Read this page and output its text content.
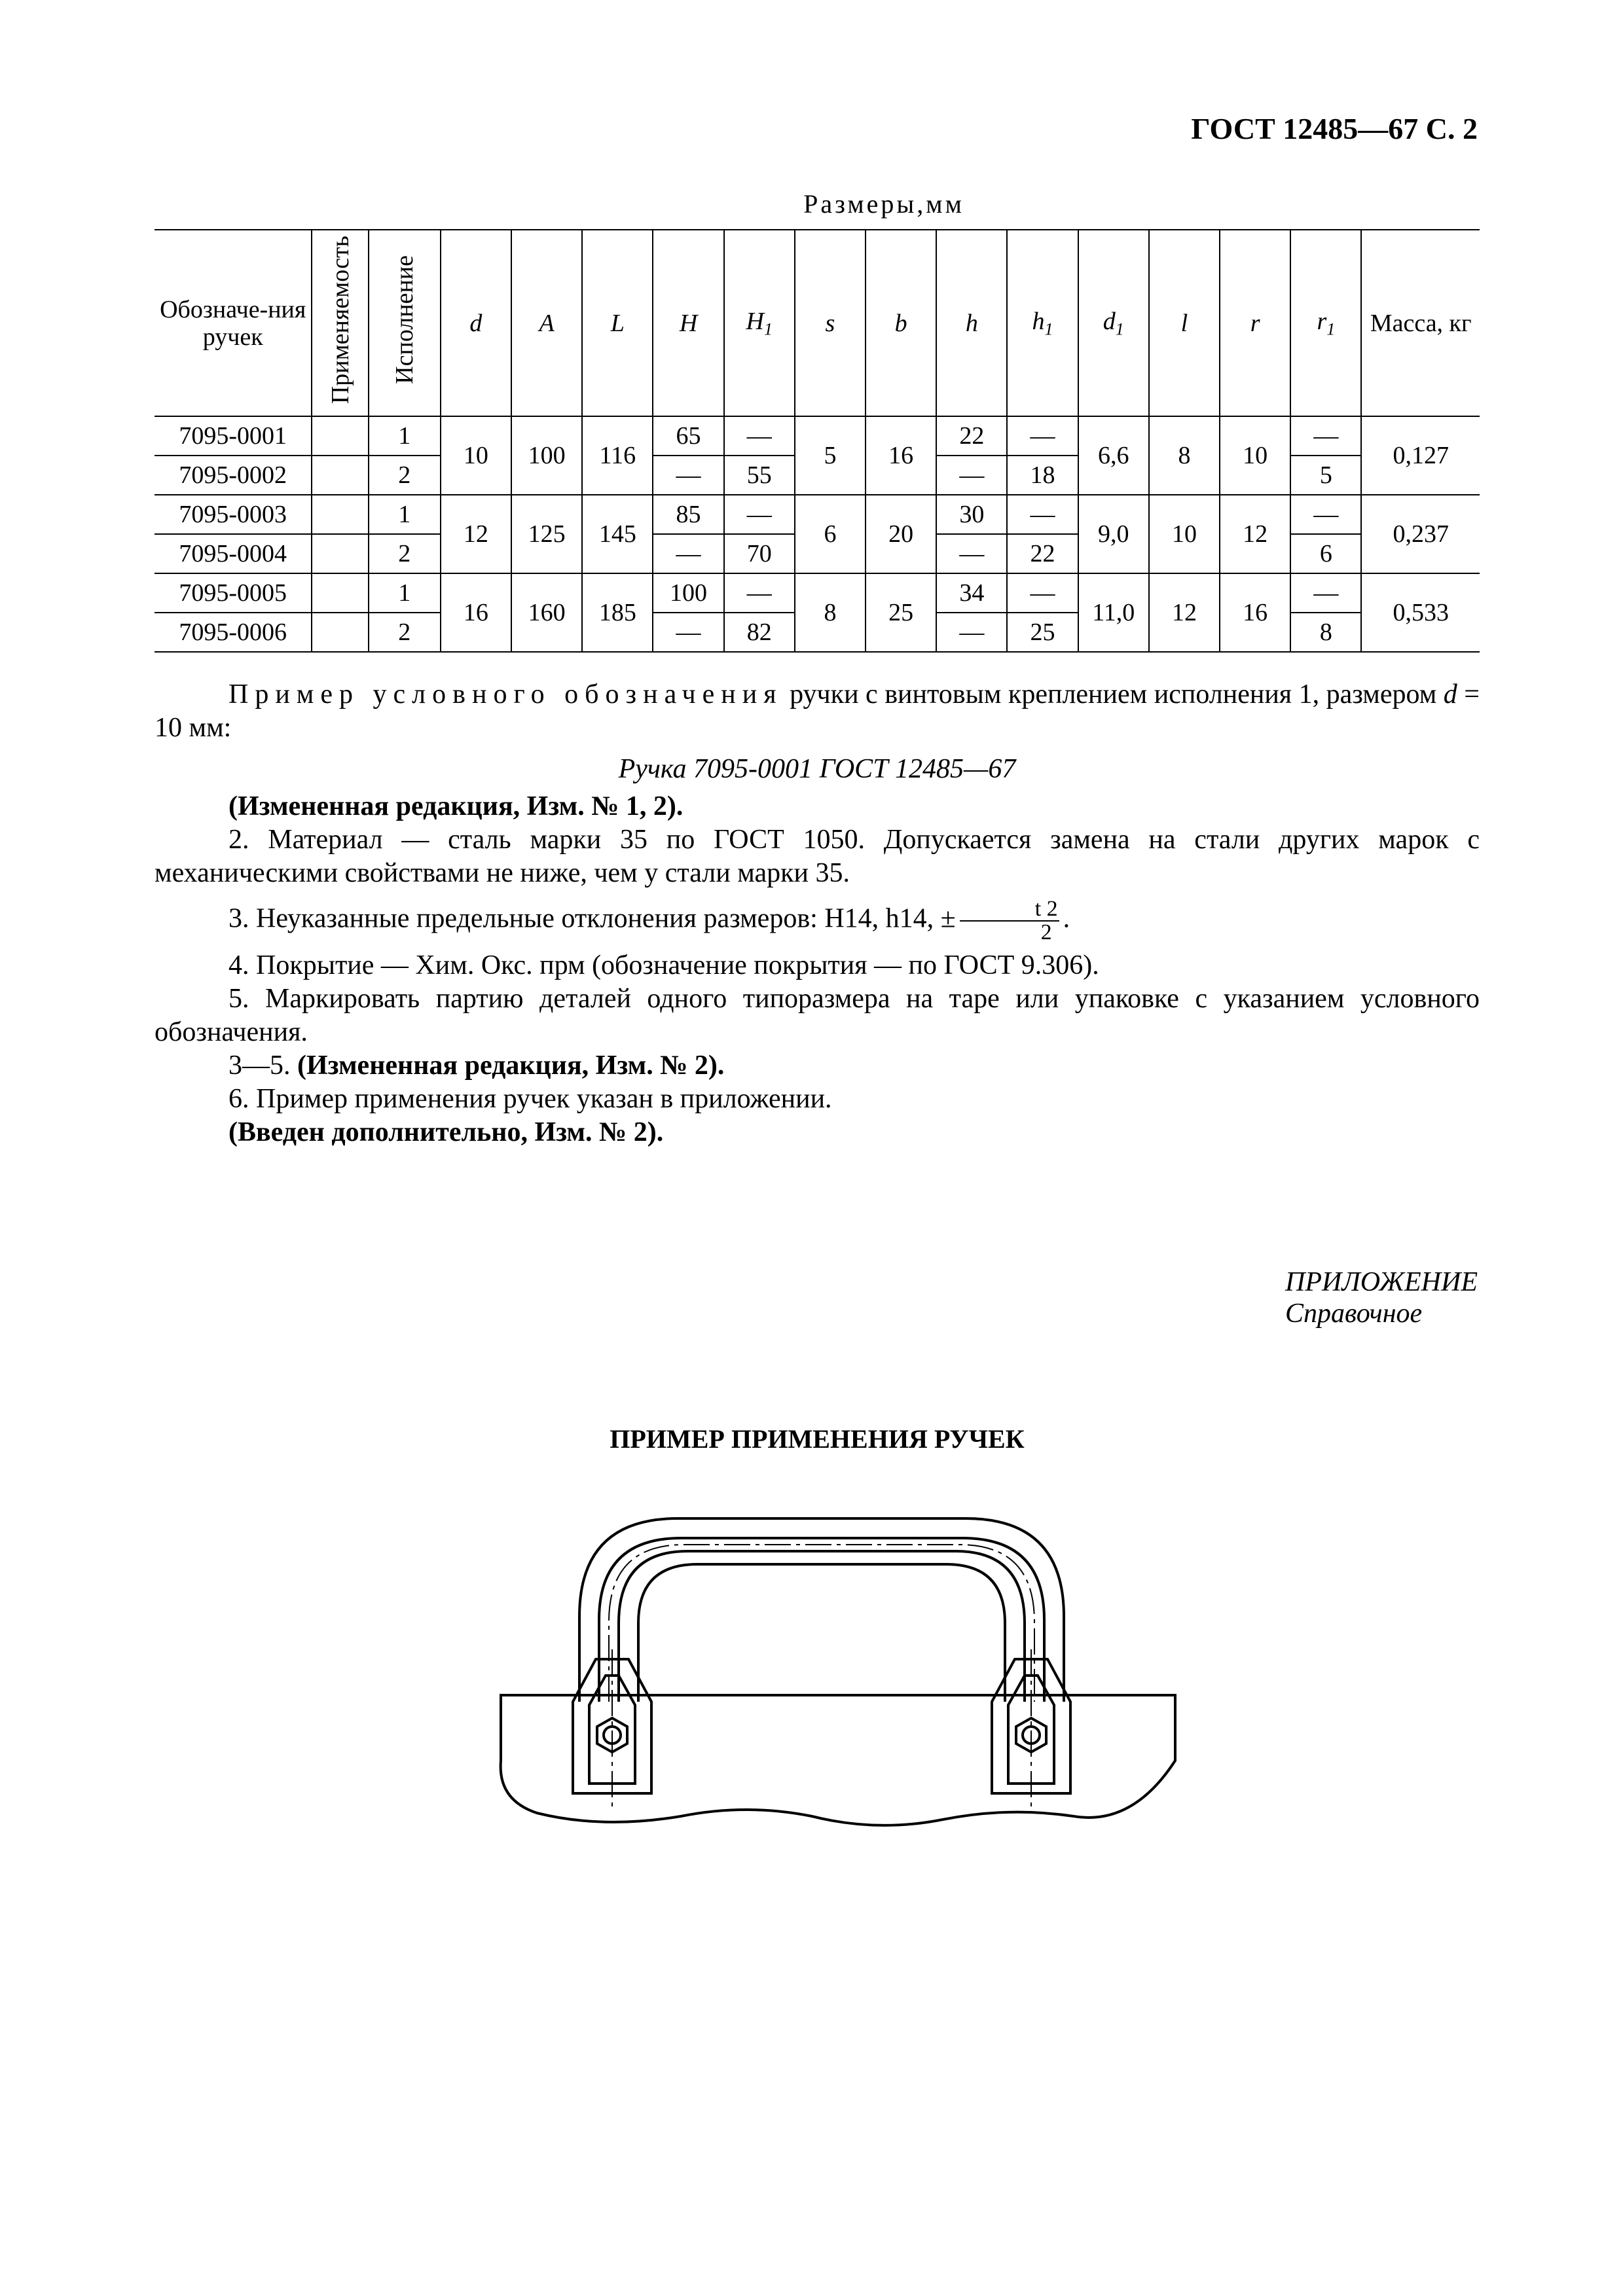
ГОСТ 12485—67 С. 2
Размеры,мм
Обозначе-ния ручек	Применяемость	Исполнение	d	A	L	H	$H_1$	s	b	h	$h_1$	$d_1$	l	r	$r_1$	Масса, кг
7095-0001		1	10	100	116	65	—	5	16	22	—	6,6	8	10	—	0,127
7095-0002		2				—	55			—	18				5	
7095-0003		1	12	125	145	85	—	6	20	30	—	9,0	10	12	—	0,237
7095-0004		2				—	70			—	22				6	
7095-0005		1	16	160	185	100	—	8	25	34	—	11,0	12	16	—	0,533
7095-0006		2				—	82			—	25				8	
Пример условного обозначения ручки с винтовым креплением исполнения 1, размером d = 10 мм:
Ручка 7095-0001 ГОСТ 12485—67
(Измененная редакция, Изм. № 1, 2).
2. Материал — сталь марки 35 по ГОСТ 1050. Допускается замена на стали других марок с механическими свойствами не ниже, чем у стали марки 35.
3. Неуказанные предельные отклонения размеров: H14, h14, ± $\frac{t 2}{2}$ .
4. Покрытие — Хим. Окс. прм (обозначение покрытия — по ГОСТ 9.306).
5. Маркировать партию деталей одного типоразмера на таре или упаковке с указанием условного обозначения.
3—5. (Измененная редакция, Изм. № 2).
6. Пример применения ручек указан в приложении.
(Введен дополнительно, Изм. № 2).
ПРИЛОЖЕНИЕ
Справочное
ПРИМЕР ПРИМЕНЕНИЯ РУЧЕК
